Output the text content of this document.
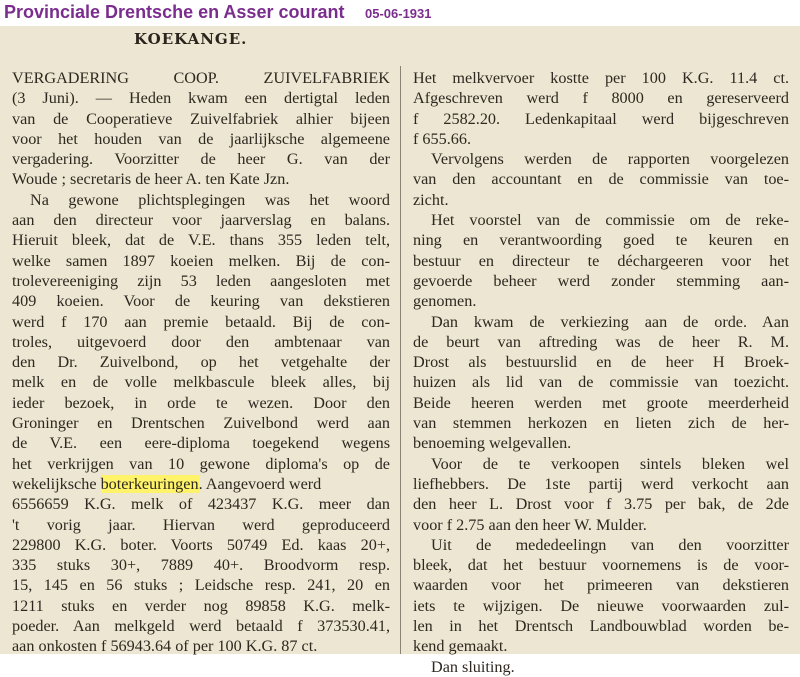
Provinciale Drentsche en Asser courant 05-06-1931
KOEKANGE.
VERGADERING COOP. ZUIVELFABRIEK
(3 Juni). — Heden kwam een dertigtal leden
van de Cooperatieve Zuivelfabriek alhier bijeen
voor het houden van de jaarlijksche algemeene
vergadering. Voorzitter de heer G. van der
Woude ; secretaris de heer A. ten Kate Jzn.
Na gewone plichtsplegingen was het woord
aan den directeur voor jaarverslag en balans.
Hieruit bleek, dat de V.E. thans 355 leden telt,
welke samen 1897 koeien melken. Bij de con-
trolevereeniging zijn 53 leden aangesloten met
409 koeien. Voor de keuring van dekstieren
werd f 170 aan premie betaald. Bij de con-
troles, uitgevoerd door den ambtenaar van
den Dr. Zuivelbond, op het vetgehalte der
melk en de volle melkbascule bleek alles, bij
ieder bezoek, in orde te wezen. Door den
Groninger en Drentschen Zuivelbond werd aan
de V.E. een eere-diploma toegekend wegens
het verkrijgen van 10 gewone diploma's op de
wekelijksche boterkeuringen. Aangevoerd werd
6556659 K.G. melk of 423437 K.G. meer dan
't vorig jaar. Hiervan werd geproduceerd
229800 K.G. boter. Voorts 50749 Ed. kaas 20+,
335 stuks 30+, 7889 40+. Broodvorm resp.
15, 145 en 56 stuks ; Leidsche resp. 241, 20 en
1211 stuks en verder nog 89858 K.G. melk-
poeder. Aan melkgeld werd betaald f 373530.41,
aan onkosten f 56943.64 of per 100 K.G. 87 ct.
Het melkvervoer kostte per 100 K.G. 11.4 ct.
Afgeschreven werd f 8000 en gereserveerd
f 2582.20. Ledenkapitaal werd bijgeschreven
f 655.66.
Vervolgens werden de rapporten voorgelezen
van den accountant en de commissie van toe-
zicht.
Het voorstel van de commissie om de reke-
ning en verantwoording goed te keuren en
bestuur en directeur te déchargeeren voor het
gevoerde beheer werd zonder stemming aan-
genomen.
Dan kwam de verkiezing aan de orde. Aan
de beurt van aftreding was de heer R. M.
Drost als bestuurslid en de heer H Broek-
huizen als lid van de commissie van toezicht.
Beide heeren werden met groote meerderheid
van stemmen herkozen en lieten zich de her-
benoeming welgevallen.
Voor de te verkoopen sintels bleken wel
liefhebbers. De 1ste partij werd verkocht aan
den heer L. Drost voor f 3.75 per bak, de 2de
voor f 2.75 aan den heer W. Mulder.
Uit de mededeelingn van den voorzitter
bleek, dat het bestuur voornemens is de voor-
waarden voor het primeeren van dekstieren
iets te wijzigen. De nieuwe voorwaarden zul-
len in het Drentsch Landbouwblad worden be-
kend gemaakt.
Dan sluiting.
